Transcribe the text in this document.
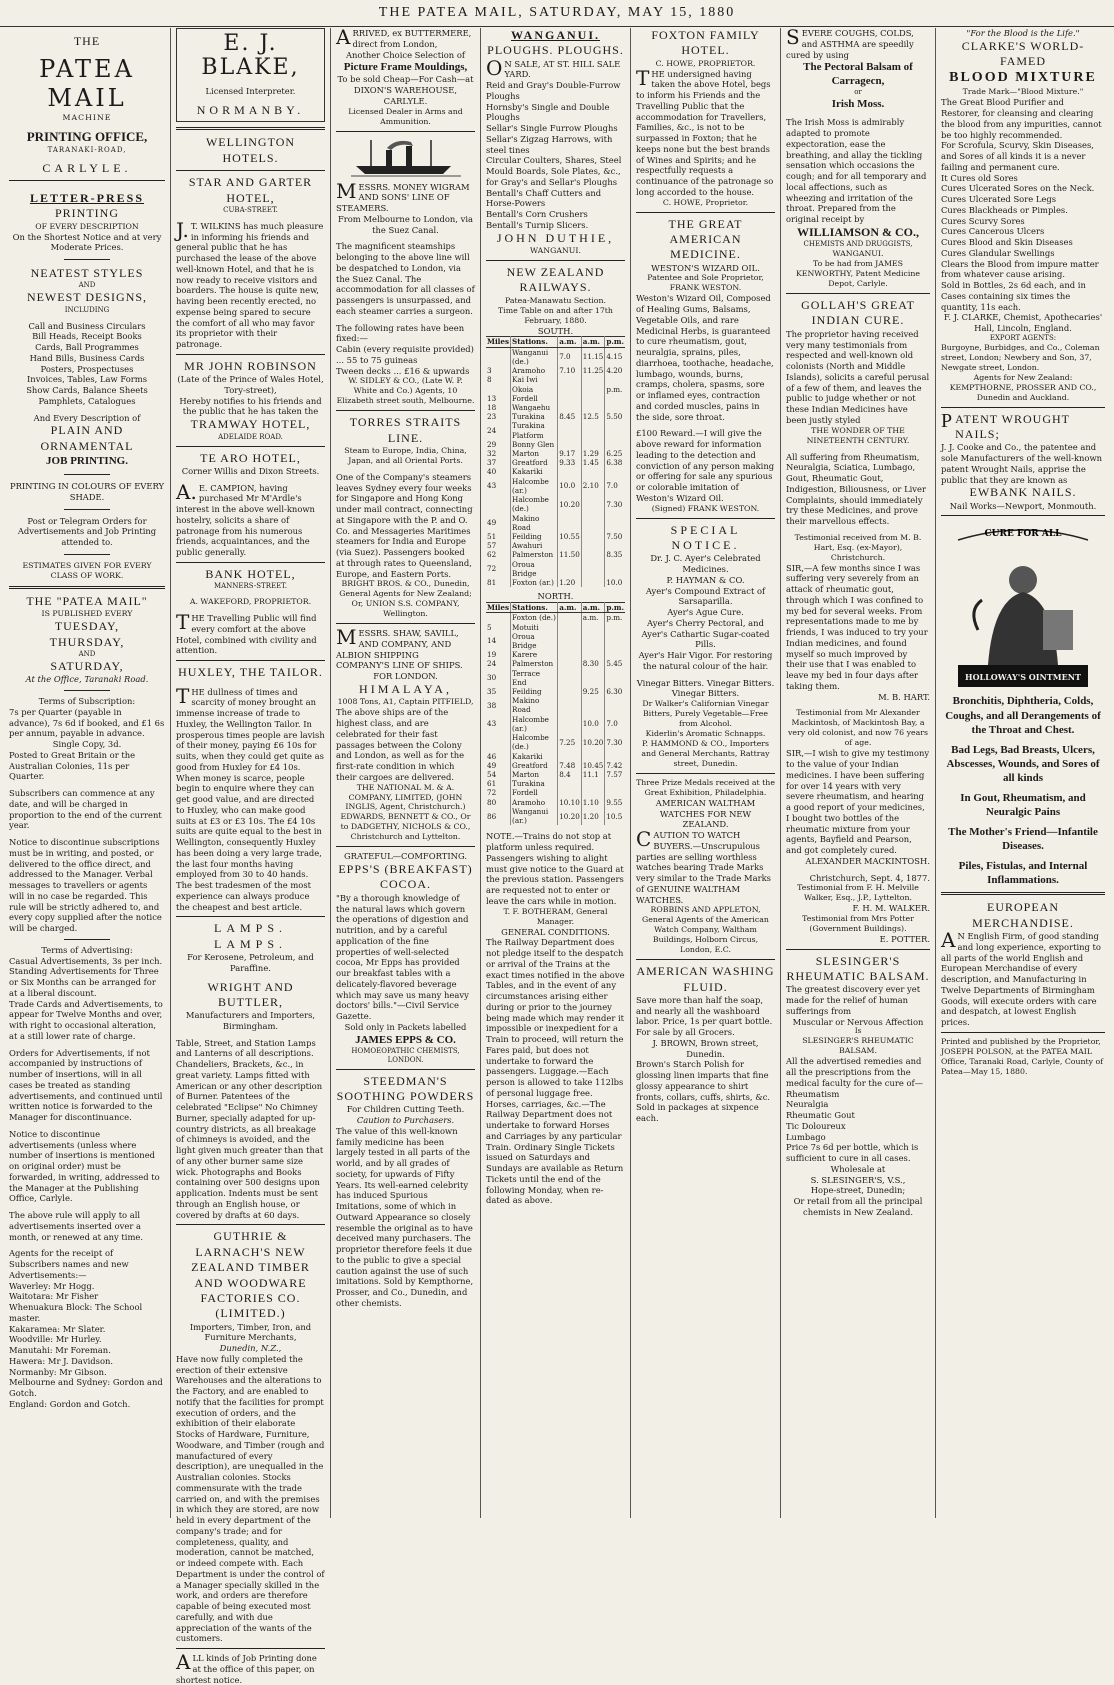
THE PATEA MAIL, SATURDAY, MAY 15, 1880
THE
PATEA MAIL
MACHINE
PRINTING OFFICE,
TARANAKI-ROAD,
CARLYLE.
LETTER-PRESS
PRINTING
OF EVERY DESCRIPTION
On the Shortest Notice and at very Moderate Prices.
NEATEST STYLES
AND
NEWEST DESIGNS,
INCLUDING
Call and Business Circulars
Bill Heads, Receipt Books
Cards, Ball Programmes
Hand Bills, Business Cards
Posters, Prospectuses
Invoices, Tables, Law Forms
Show Cards, Balance Sheets
Pamphlets, Catalogues
And Every Description of
PLAIN AND ORNAMENTAL
JOB PRINTING.
PRINTING IN COLOURS OF EVERY SHADE.
Post or Telegram Orders for Advertisements and Job Printing attended to.
ESTIMATES GIVEN FOR EVERY CLASS OF WORK.
THE "PATEA MAIL"
IS PUBLISHED EVERY
TUESDAY,
THURSDAY,
AND
SATURDAY,
At the Office, Taranaki Road.
Terms of Subscription:
7s per Quarter (payable in advance), 7s 6d if booked, and £1 6s per annum, payable in advance.
Single Copy, 3d.
Posted to Great Britain or the Australian Colonies, 11s per Quarter.
Subscribers can commence at any date, and will be charged in proportion to the end of the current year.
Notice to discontinue subscriptions must be in writing, and posted, or delivered to the office direct, and addressed to the Manager. Verbal messages to travellers or agents will in no case be regarded. This rule will be strictly adhered to, and every copy supplied after the notice will be charged.
Terms of Advertising:
Casual Advertisements, 3s per inch.
Standing Advertisements for Three or Six Months can be arranged for at a liberal discount.
Trade Cards and Advertisements, to appear for Twelve Months and over, with right to occasional alteration, at a still lower rate of charge.
Orders for Advertisements, if not accompanied by instructions of number of insertions, will in all cases be treated as standing advertisements, and continued until written notice is forwarded to the Manager for discontinuance.
Notice to discontinue advertisements (unless where number of insertions is mentioned on original order) must be forwarded, in writing, addressed to the Manager at the Publishing Office, Carlyle.
The above rule will apply to all advertisements inserted over a month, or renewed at any time.
Agents for the receipt of Subscribers names and new Advertisements:—
Waverley: Mr Hogg.
Waitotara: Mr Fisher
Whenuakura Block: The School master.
Kakaramea: Mr Slater.
Woodville: Mr Hurley.
Manutahi: Mr Foreman.
Hawera: Mr J. Davidson.
Normanby: Mr Gibson.
Melbourne and Sydney: Gordon and Gotch.
England: Gordon and Gotch.
E. J. BLAKE,
Licensed Interpreter.
NORMANBY.
WELLINGTON HOTELS.
STAR AND GARTER HOTEL,
CUBA-STREET.
J.T. WILKINS has much pleasure in informing his friends and general public that he has purchased the lease of the above well-known Hotel, and that he is now ready to receive visitors and boarders. The house is quite new, having been recently erected, no expense being spared to secure the comfort of all who may favor its proprietor with their patronage.
MR JOHN ROBINSON
(Late of the Prince of Wales Hotel, Tory-street),
Hereby notifies to his friends and the public that he has taken the
TRAMWAY HOTEL,
ADELAIDE ROAD.
TE ARO HOTEL,
Corner Willis and Dixon Streets.
A.E. CAMPION, having purchased Mr M'Ardle's interest in the above well-known hostelry, solicits a share of patronage from his numerous friends, acquaintances, and the public generally.
BANK HOTEL,
MANNERS-STREET.
A. WAKEFORD, PROPRIETOR.
THE Travelling Public will find every comfort at the above Hotel, combined with civility and attention.
HUXLEY, THE TAILOR.
THE dullness of times and scarcity of money brought an immense increase of trade to Huxley, the Wellington Tailor. In prosperous times people are lavish of their money, paying £6 10s for suits, when they could get quite as good from Huxley for £4 10s. When money is scarce, people begin to enquire where they can get good value, and are directed to Huxley, who can make good suits at £3 or £3 10s. The £4 10s suits are quite equal to the best in Wellington, consequently Huxley has been doing a very large trade, the last four months having employed from 30 to 40 hands. The best tradesmen of the most experience can always produce the cheapest and best article.
LAMPS. LAMPS.
For Kerosene, Petroleum, and Paraffine.
WRIGHT AND BUTTLER,
Manufacturers and Importers,
Birmingham.
Table, Street, and Station Lamps and Lanterns of all descriptions. Chandeliers, Brackets, &c., in great variety. Lamps fitted with American or any other description of Burner. Patentees of the celebrated "Eclipse" No Chimney Burner, specially adapted for up-country districts, as all breakage of chimneys is avoided, and the light given much greater than that of any other burner same size wick. Photographs and Books containing over 500 designs upon application. Indents must be sent through an English house, or covered by drafts at 60 days.
GUTHRIE & LARNACH'S NEW ZEALAND TIMBER AND WOODWARE FACTORIES CO. (LIMITED.)
Importers, Timber, Iron, and Furniture Merchants,
Dunedin, N.Z.,
Have now fully completed the erection of their extensive Warehouses and the alterations to the Factory, and are enabled to notify that the facilities for prompt execution of orders, and the exhibition of their elaborate Stocks of Hardware, Furniture, Woodware, and Timber (rough and manufactured of every description), are unequalled in the Australian colonies. Stocks commensurate with the trade carried on, and with the premises in which they are stored, are now held in every department of the company's trade; and for completeness, quality, and moderation, cannot be matched, or indeed compete with. Each Department is under the control of a Manager specially skilled in the work, and orders are therefore capable of being executed most carefully, and with due appreciation of the wants of the customers.
ALL kinds of Job Printing done at the office of this paper, on shortest notice.
ARRIVED, ex BUTTERMERE, direct from London,
Another Choice Selection of
Picture Frame Mouldings,
To be sold Cheap—For Cash—at
DIXON'S WAREHOUSE, CARLYLE.
Licensed Dealer in Arms and Ammunition.
MESSRS. MONEY WIGRAM AND SONS' LINE OF STEAMERS.
From Melbourne to London, via the Suez Canal.
The magnificent steamships belonging to the above line will be despatched to London, via the Suez Canal. The accommodation for all classes of passengers is unsurpassed, and each steamer carries a surgeon.
The following rates have been fixed:—
Cabin (every requisite provided) ... 55 to 75 guineas
Tween decks ... £16 & upwards
W. SIDLEY & CO., (Late W. P. White and Co.) Agents, 10 Elizabeth street south, Melbourne.
TORRES STRAITS LINE.
Steam to Europe, India, China, Japan, and all Oriental Ports.
One of the Company's steamers leaves Sydney every four weeks for Singapore and Hong Kong under mail contract, connecting at Singapore with the P. and O. Co. and Messageries Maritimes steamers for India and Europe (via Suez). Passengers booked at through rates to Queensland, Europe, and Eastern Ports.
BRIGHT BROS. & CO., Dunedin, General Agents for New Zealand; Or, UNION S.S. COMPANY, Wellington.
MESSRS. SHAW, SAVILL, AND COMPANY, AND ALBION SHIPPING COMPANY'S LINE OF SHIPS.
FOR LONDON.
HIMALAYA,
1008 Tons, A1, Captain PITFIELD,
The above ships are of the highest class, and are celebrated for their fast passages between the Colony and London, as well as for the first-rate condition in which their cargoes are delivered.
THE NATIONAL M. & A. COMPANY, LIMITED, (JOHN INGLIS, Agent, Christchurch.) EDWARDS, BENNETT & CO., Or to DADGETHY, NICHOLS & CO., Christchurch and Lyttelton.
GRATEFUL—COMFORTING.
EPPS'S (BREAKFAST) COCOA.
"By a thorough knowledge of the natural laws which govern the operations of digestion and nutrition, and by a careful application of the fine properties of well-selected cocoa, Mr Epps has provided our breakfast tables with a delicately-flavored beverage which may save us many heavy doctors' bills."—Civil Service Gazette.
Sold only in Packets labelled
JAMES EPPS & CO.
HOMOEOPATHIC CHEMISTS, LONDON.
STEEDMAN'S SOOTHING POWDERS
For Children Cutting Teeth.
Caution to Purchasers.
The value of this well-known family medicine has been largely tested in all parts of the world, and by all grades of society, for upwards of Fifty Years. Its well-earned celebrity has induced Spurious Imitations, some of which in Outward Appearance so closely resemble the original as to have deceived many purchasers. The proprietor therefore feels it due to the public to give a special caution against the use of such imitations. Sold by Kempthorne, Prosser, and Co., Dunedin, and other chemists.
WANGANUI.
PLOUGHS. PLOUGHS.
ON SALE, AT ST. HILL SALE YARD.
Reid and Gray's Double-Furrow Ploughs
Hornsby's Single and Double Ploughs
Sellar's Single Furrow Ploughs
Sellar's Zigzag Harrows, with steel tines
Circular Coulters, Shares, Steel Mould Boards, Sole Plates, &c., for Gray's and Sellar's Ploughs
Bentall's Chaff Cutters and Horse-Powers
Bentall's Corn Crushers
Bentall's Turnip Slicers.
JOHN DUTHIE,
WANGANUI.
NEW ZEALAND RAILWAYS.
Patea-Manawatu Section.
Time Table on and after 17th February, 1880.
SOUTH.
Miles	Stations.	a.m.	a.m.	p.m.
	Wanganui (de.)	7.0	11.15	4.15
3	Aramoho	7.10	11.25	4.20
8	Kai Iwi			
	Okoia			p.m.
13	Fordell			
18	Wangaehu			
23	Turakina	8.45	12.5	5.50
24	Turakina Platform			
29	Bonny Glen			
32	Marton	9.17	1.29	6.25
37	Greatford	9.33	1.45	6.38
40	Kakariki			
43	Halcombe (ar.)	10.0	2.10	7.0
	Halcombe (de.)	10.20		7.30
49	Makino Road			
51	Feilding	10.55		7.50
57	Awahuri			
62	Palmerston	11.50		8.35
72	Oroua Bridge			
81	Foxton (ar.)	1.20		10.0
NORTH.
Miles	Stations.	a.m.	a.m.	p.m.
	Foxton (de.)		a.m.	p.m.
5	Motuiti			
14	Oroua Bridge			
19	Karere			
24	Palmerston		8.30	5.45
30	Terrace End			
35	Feilding		9.25	6.30
38	Makino Road			
43	Halcombe (ar.)		10.0	7.0
	Halcombe (de.)	7.25	10.20	7.30
46	Kakariki			
49	Greatford	7.48	10.45	7.42
54	Marton	8.4	11.1	7.57
61	Turakina			
72	Fordell			
80	Aramoho	10.10	1.10	9.55
86	Wanganui (ar.)	10.20	1.20	10.5
NOTE.—Trains do not stop at platform unless required. Passengers wishing to alight must give notice to the Guard at the previous station. Passengers are requested not to enter or leave the cars while in motion.
T. F. BOTHERAM, General Manager.
GENERAL CONDITIONS.
The Railway Department does not pledge itself to the despatch or arrival of the Trains at the exact times notified in the above Tables, and in the event of any circumstances arising either during or prior to the journey being made which may render it impossible or inexpedient for a Train to proceed, will return the Fares paid, but does not undertake to forward the passengers. Luggage.—Each person is allowed to take 112lbs of personal luggage free. Horses, carriages, &c.—The Railway Department does not undertake to forward Horses and Carriages by any particular Train. Ordinary Single Tickets issued on Saturdays and Sundays are available as Return Tickets until the end of the following Monday, when re-dated as above.
FOXTON FAMILY HOTEL.
C. HOWE, PROPRIETOR.
THE undersigned having taken the above Hotel, begs to inform his Friends and the Travelling Public that the accommodation for Travellers, Families, &c., is not to be surpassed in Foxton; that he keeps none but the best brands of Wines and Spirits; and he respectfully requests a continuance of the patronage so long accorded to the house.
C. HOWE, Proprietor.
THE GREAT AMERICAN MEDICINE.
WESTON'S WIZARD OIL.
Patentee and Sole Proprietor, FRANK WESTON.
Weston's Wizard Oil, Composed of Healing Gums, Balsams, Vegetable Oils, and rare Medicinal Herbs, is guaranteed to cure rheumatism, gout, neuralgia, sprains, piles, diarrhoea, toothache, headache, lumbago, wounds, burns, cramps, cholera, spasms, sore or inflamed eyes, contraction and corded muscles, pains in the side, sore throat.
£100 Reward.—I will give the above reward for information leading to the detection and conviction of any person making or offering for sale any spurious or colorable imitation of Weston's Wizard Oil.
(Signed) FRANK WESTON.
SPECIAL NOTICE.
Dr. J. C. Ayer's Celebrated Medicines.
P. HAYMAN & CO.
Ayer's Compound Extract of Sarsaparilla.
Ayer's Ague Cure.
Ayer's Cherry Pectoral, and Ayer's Cathartic Sugar-coated Pills.
Ayer's Hair Vigor. For restoring the natural colour of the hair.
Vinegar Bitters. Vinegar Bitters. Vinegar Bitters.
Dr Walker's Californian Vinegar Bitters, Purely Vegetable—Free from Alcohol.
Kiderlin's Aromatic Schnapps.
P. HAMMOND & CO., Importers and General Merchants, Rattray street, Dunedin.
Three Prize Medals received at the Great Exhibition, Philadelphia.
AMERICAN WALTHAM WATCHES FOR NEW ZEALAND.
CAUTION TO WATCH BUYERS.—Unscrupulous parties are selling worthless watches bearing Trade Marks very similar to the Trade Marks of GENUINE WALTHAM WATCHES.
ROBBINS AND APPLETON, General Agents of the American Watch Company, Waltham Buildings, Holborn Circus, London, E.C.
AMERICAN WASHING FLUID.
Save more than half the soap, and nearly all the washboard labor. Price, 1s per quart bottle. For sale by all Grocers.
J. BROWN, Brown street, Dunedin.
Brown's Starch Polish for glossing linen imparts that fine glossy appearance to shirt fronts, collars, cuffs, shirts, &c. Sold in packages at sixpence each.
SEVERE COUGHS, COLDS, and ASTHMA are speedily cured by using
The Pectoral Balsam of Carragecn,
or
Irish Moss.
The Irish Moss is admirably adapted to promote expectoration, ease the breathing, and allay the tickling sensation which occasions the cough; and for all temporary and local affections, such as wheezing and irritation of the throat. Prepared from the original receipt by
WILLIAMSON & CO.,
CHEMISTS AND DRUGGISTS,
WANGANUI.
To be had from JAMES KENWORTHY, Patent Medicine Depot, Carlyle.
GOLLAH'S GREAT INDIAN CURE.
The proprietor having received very many testimonials from respected and well-known old colonists (North and Middle Islands), solicits a careful perusal of a few of them, and leaves the public to judge whether or not these Indian Medicines have been justly styled
THE WONDER OF THE NINETEENTH CENTURY.
All suffering from Rheumatism, Neuralgia, Sciatica, Lumbago, Gout, Rheumatic Gout, Indigestion, Biliousness, or Liver Complaints, should immediately try these Medicines, and prove their marvellous effects.
Testimonial received from M. B. Hart, Esq. (ex-Mayor), Christchurch.
SIR,—A few months since I was suffering very severely from an attack of rheumatic gout, through which I was confined to my bed for several weeks. From representations made to me by friends, I was induced to try your Indian medicines, and found myself so much improved by their use that I was enabled to leave my bed in four days after taking them.
M. B. HART.
Testimonial from Mr Alexander Mackintosh, of Mackintosh Bay, a very old colonist, and now 76 years of age.
SIR,—I wish to give my testimony to the value of your Indian medicines. I have been suffering for over 14 years with very severe rheumatism, and hearing a good report of your medicines, I bought two bottles of the rheumatic mixture from your agents, Bayfield and Pearson, and got completely cured.
ALEXANDER MACKINTOSH.
Christchurch, Sept. 4, 1877.
Testimonial from F. H. Melville Walker, Esq., J.P., Lyttelton.
F. H. M. WALKER.
Testimonial from Mrs Potter (Government Buildings).
E. POTTER.
SLESINGER'S RHEUMATIC BALSAM.
The greatest discovery ever yet made for the relief of human sufferings from
Muscular or Nervous Affection
Is
SLESINGER'S RHEUMATIC BALSAM.
All the advertised remedies and all the prescriptions from the medical faculty for the cure of—
Rheumatism
Neuralgia
Rheumatic Gout
Tic Doloureux
Lumbago
Price 7s 6d per bottle, which is sufficient to cure in all cases.
Wholesale at
S. SLESINGER'S, V.S.,
Hope-street, Dunedin;
Or retail from all the principal chemists in New Zealand.
"For the Blood is the Life."
CLARKE'S WORLD-FAMED
BLOOD MIXTURE
Trade Mark—"Blood Mixture."
The Great Blood Purifier and Restorer, for cleansing and clearing the blood from any impurities, cannot be too highly recommended.
For Scrofula, Scurvy, Skin Diseases, and Sores of all kinds it is a never failing and permanent cure.
It Cures old Sores
Cures Ulcerated Sores on the Neck.
Cures Ulcerated Sore Legs
Cures Blackheads or Pimples.
Cures Scurvy Sores
Cures Cancerous Ulcers
Cures Blood and Skin Diseases
Cures Glandular Swellings
Clears the Blood from impure matter from whatever cause arising.
Sold in Bottles, 2s 6d each, and in Cases containing six times the quantity, 11s each.
F. J. CLARKE, Chemist, Apothecaries' Hall, Lincoln, England.
EXPORT AGENTS:
Burgoyne, Burbidges, and Co., Coleman street, London; Newbery and Son, 37, Newgate street, London.
Agents for New Zealand:
KEMPTHORNE, PROSSER AND CO., Dunedin and Auckland.
PATENT WROUGHT NAILS;
J. J. Cooke and Co., the patentee and sole Manufacturers of the well-known patent Wrought Nails, apprise the public that they are known as
EWBANK NAILS.
Nail Works—Newport, Monmouth.
CURE FOR ALL
HOLLOWAY'S OINTMENT
Bronchitis, Diphtheria, Colds, Coughs, and all Derangements of the Throat and Chest.
Bad Legs, Bad Breasts, Ulcers, Abscesses, Wounds, and Sores of all kinds
In Gout, Rheumatism, and Neuralgic Pains
The Mother's Friend—Infantile Diseases.
Piles, Fistulas, and Internal Inflammations.
EUROPEAN MERCHANDISE.
AN English Firm, of good standing and long experience, exporting to all parts of the world English and European Merchandise of every description, and Manufacturing in Twelve Departments of Birmingham Goods, will execute orders with care and despatch, at lowest English prices.
Printed and published by the Proprietor, JOSEPH POLSON, at the PATEA MAIL Office, Taranaki Road, Carlyle, County of Patea—May 15, 1880.
